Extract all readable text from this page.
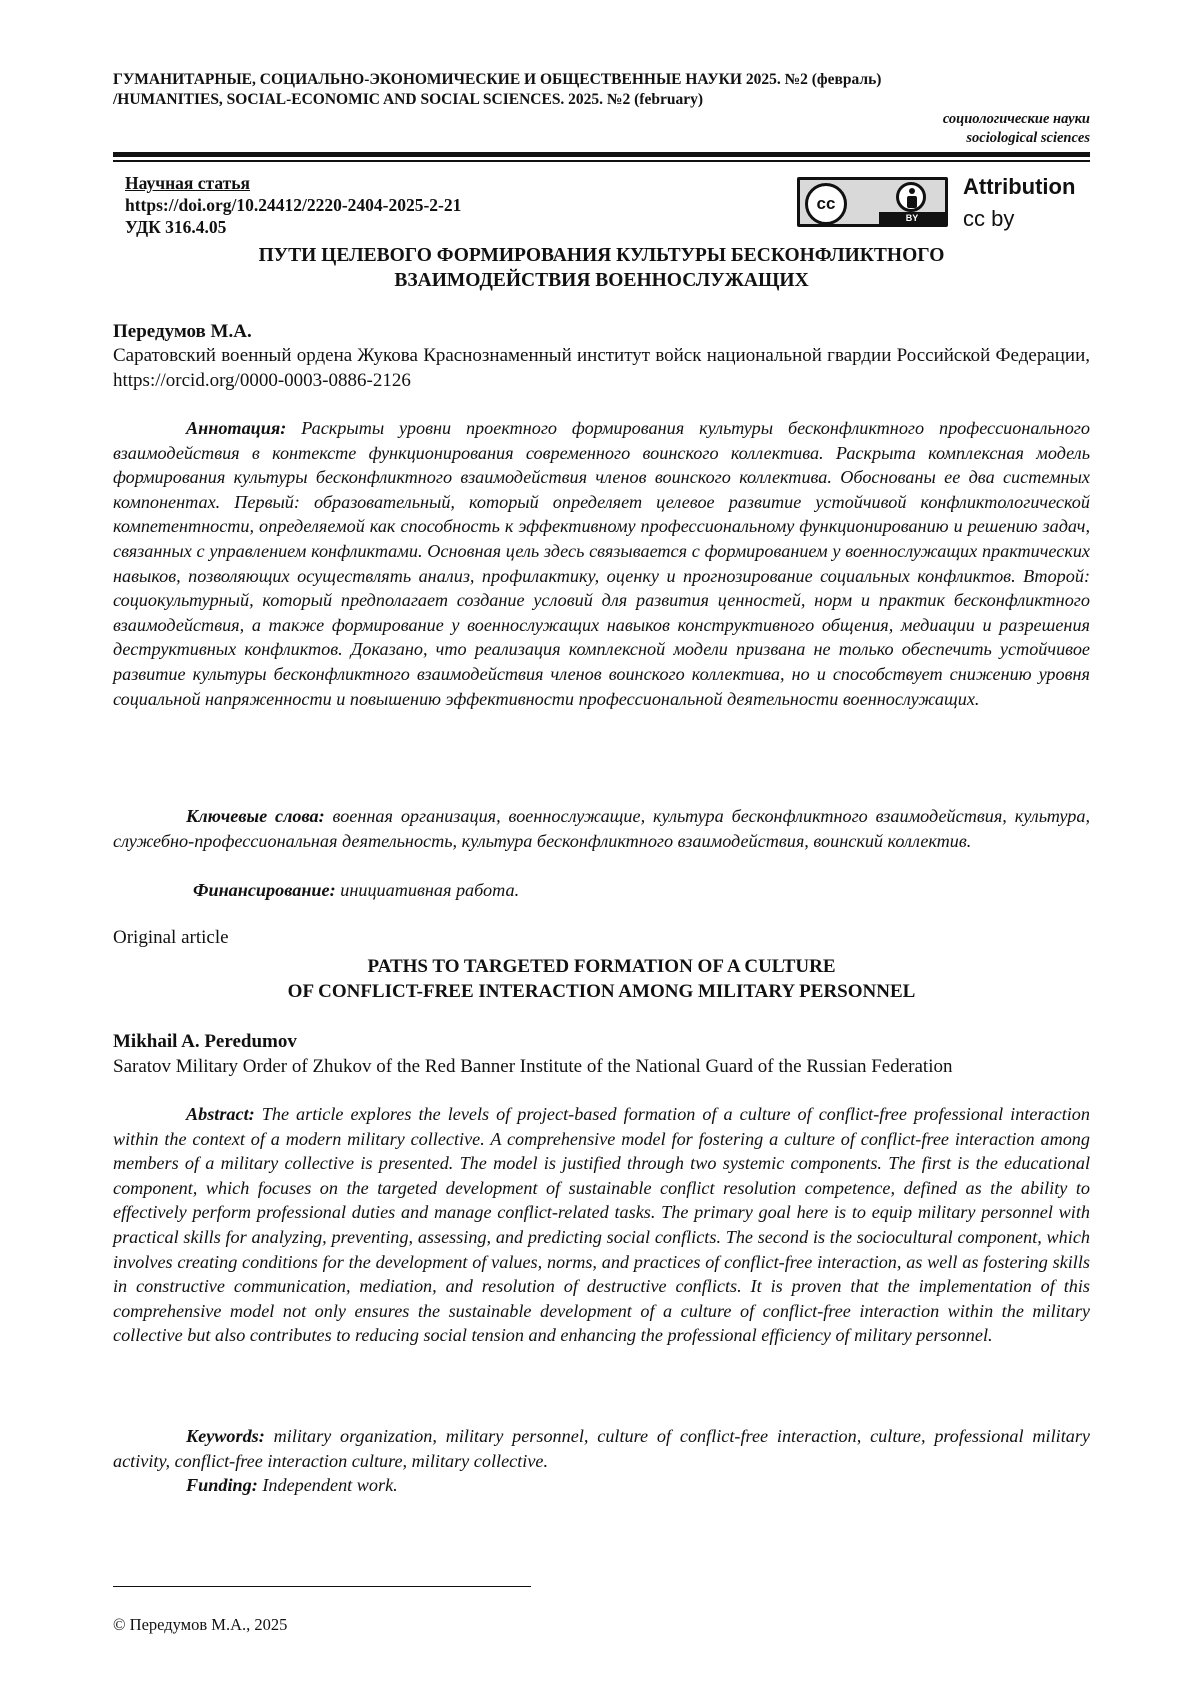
ГУМАНИТАРНЫЕ, СОЦИАЛЬНО-ЭКОНОМИЧЕСКИЕ И ОБЩЕСТВЕННЫЕ НАУКИ 2025. №2 (февраль)
/HUMANITIES, SOCIAL-ECONOMIC AND SOCIAL SCIENCES. 2025. №2 (february)
социологические науки
sociological sciences
Научная статья
https://doi.org/10.24412/2220-2404-2025-2-21
УДК 316.4.05
cc
BY
Attribution
cc by
ПУТИ ЦЕЛЕВОГО ФОРМИРОВАНИЯ КУЛЬТУРЫ БЕСКОНФЛИКТНОГО
ВЗАИМОДЕЙСТВИЯ ВОЕННОСЛУЖАЩИХ
Передумов М.А.
Саратовский военный ордена Жукова Краснознаменный институт войск национальной гвардии Российской Федерации, https://orcid.org/0000-0003-0886-2126
Аннотация: Раскрыты уровни проектного формирования культуры бесконфликтного профессионального взаимодействия в контексте функционирования современного воинского коллектива. Раскрыта комплексная модель формирования культуры бесконфликтного взаимодействия членов воинского коллектива. Обоснованы ее два системных компонентах. Первый: образовательный, который определяет целевое развитие устойчивой конфликтологической компетентности, определяемой как способность к эффективному профессиональному функционированию и решению задач, связанных с управлением конфликтами. Основная цель здесь связывается с формированием у военнослужащих практических навыков, позволяющих осуществлять анализ, профилактику, оценку и прогнозирование социальных конфликтов. Второй: социокультурный, который предполагает создание условий для развития ценностей, норм и практик бесконфликтного взаимодействия, а также формирование у военнослужащих навыков конструктивного общения, медиации и разрешения деструктивных конфликтов. Доказано, что реализация комплексной модели призвана не только обеспечить устойчивое развитие культуры бесконфликтного взаимодействия членов воинского коллектива, но и способствует снижению уровня социальной напряженности и повышению эффективности профессиональной деятельности военнослужащих.
Ключевые слова: военная организация, военнослужащие, культура бесконфликтного взаимодействия, культура, служебно-профессиональная деятельность, культура бесконфликтного взаимодействия, воинский коллектив.
Финансирование: инициативная работа.
Original article
PATHS TO TARGETED FORMATION OF A CULTURE
OF CONFLICT-FREE INTERACTION AMONG MILITARY PERSONNEL
Mikhail A. Peredumov
Saratov Military Order of Zhukov of the Red Banner Institute of the National Guard of the Russian Federation
Abstract: The article explores the levels of project-based formation of a culture of conflict-free professional interaction within the context of a modern military collective. A comprehensive model for fostering a culture of conflict-free interaction among members of a military collective is presented. The model is justified through two systemic components. The first is the educational component, which focuses on the targeted development of sustainable conflict resolution competence, defined as the ability to effectively perform professional duties and manage conflict-related tasks. The primary goal here is to equip military personnel with practical skills for analyzing, preventing, assessing, and predicting social conflicts. The second is the sociocultural component, which involves creating conditions for the development of values, norms, and practices of conflict-free interaction, as well as fostering skills in constructive communication, mediation, and resolution of destructive conflicts. It is proven that the implementation of this comprehensive model not only ensures the sustainable development of a culture of conflict-free interaction within the military collective but also contributes to reducing social tension and enhancing the professional efficiency of military personnel.
Keywords: military organization, military personnel, culture of conflict-free interaction, culture, professional military activity, conflict-free interaction culture, military collective.
Funding: Independent work.
© Передумов М.А., 2025
